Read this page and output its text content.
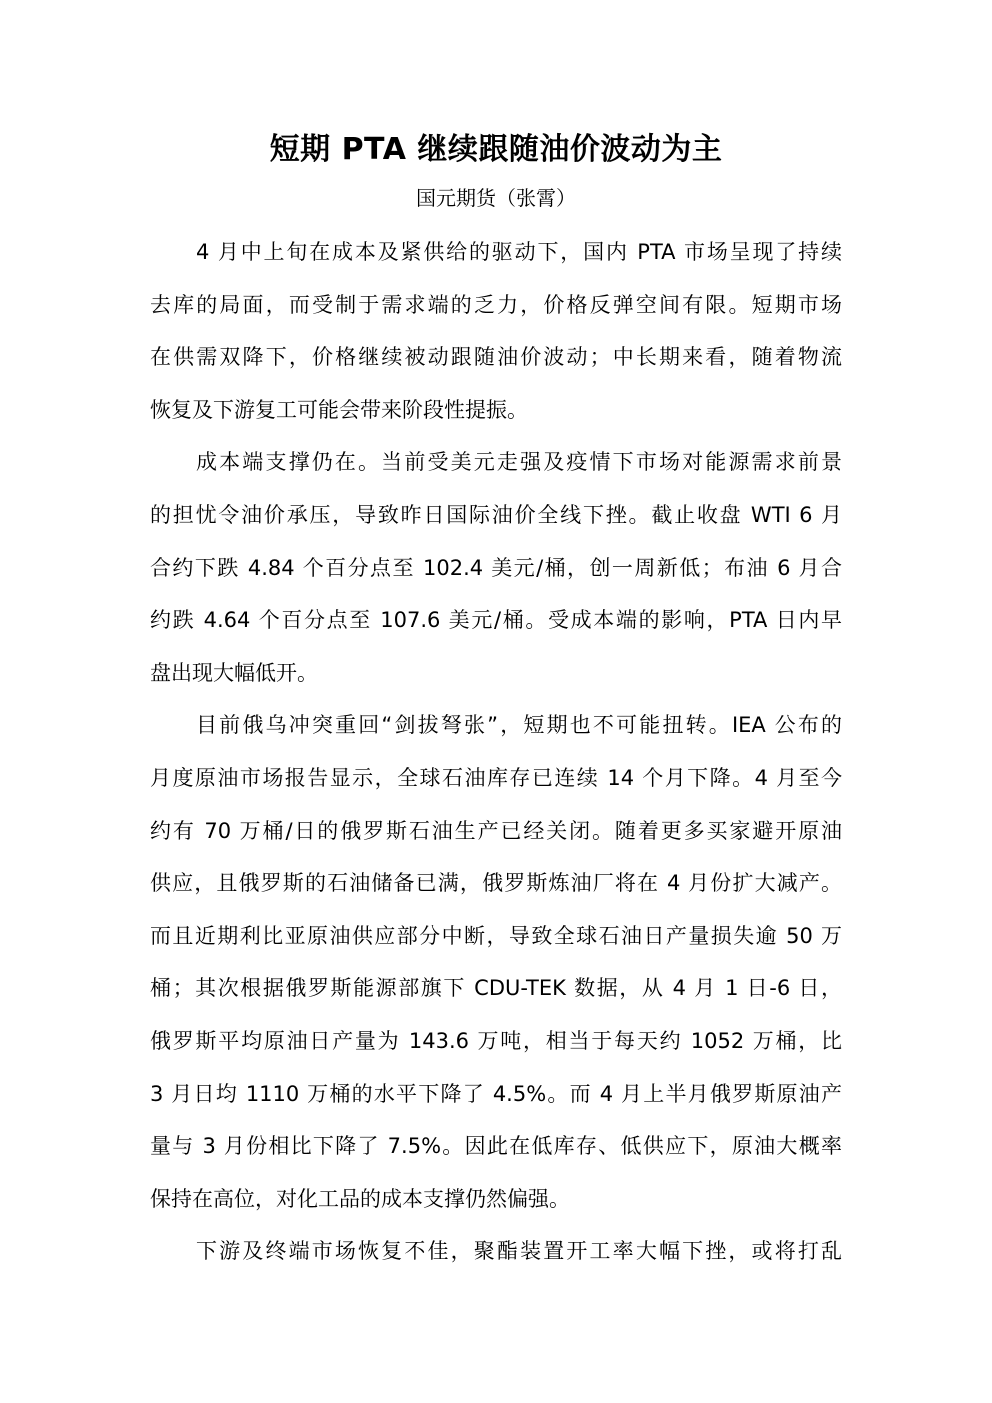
短期 PTA 继续跟随油价波动为主
国元期货（张霄）
4 月中上旬在成本及紧供给的驱动下，国内 PTA 市场呈现了持续
去库的局面，而受制于需求端的乏力，价格反弹空间有限。短期市场
在供需双降下，价格继续被动跟随油价波动；中长期来看，随着物流
恢复及下游复工可能会带来阶段性提振。
成本端支撑仍在。当前受美元走强及疫情下市场对能源需求前景
的担忧令油价承压，导致昨日国际油价全线下挫。截止收盘 WTI 6 月
合约下跌 4.84 个百分点至 102.4 美元/桶，创一周新低；布油 6 月合
约跌 4.64 个百分点至 107.6 美元/桶。受成本端的影响，PTA 日内早
盘出现大幅低开。
目前俄乌冲突重回“剑拔弩张”，短期也不可能扭转。IEA 公布的
月度原油市场报告显示，全球石油库存已连续 14 个月下降。4 月至今
约有 70 万桶/日的俄罗斯石油生产已经关闭。随着更多买家避开原油
供应，且俄罗斯的石油储备已满，俄罗斯炼油厂将在 4 月份扩大减产。
而且近期利比亚原油供应部分中断，导致全球石油日产量损失逾 50 万
桶；其次根据俄罗斯能源部旗下 CDU-TEK 数据，从 4 月 1 日-6 日，
俄罗斯平均原油日产量为 143.6 万吨，相当于每天约 1052 万桶，比
3 月日均 1110 万桶的水平下降了 4.5%。而 4 月上半月俄罗斯原油产
量与 3 月份相比下降了 7.5%。因此在低库存、低供应下，原油大概率
保持在高位，对化工品的成本支撑仍然偏强。
下游及终端市场恢复不佳，聚酯装置开工率大幅下挫，或将打乱
